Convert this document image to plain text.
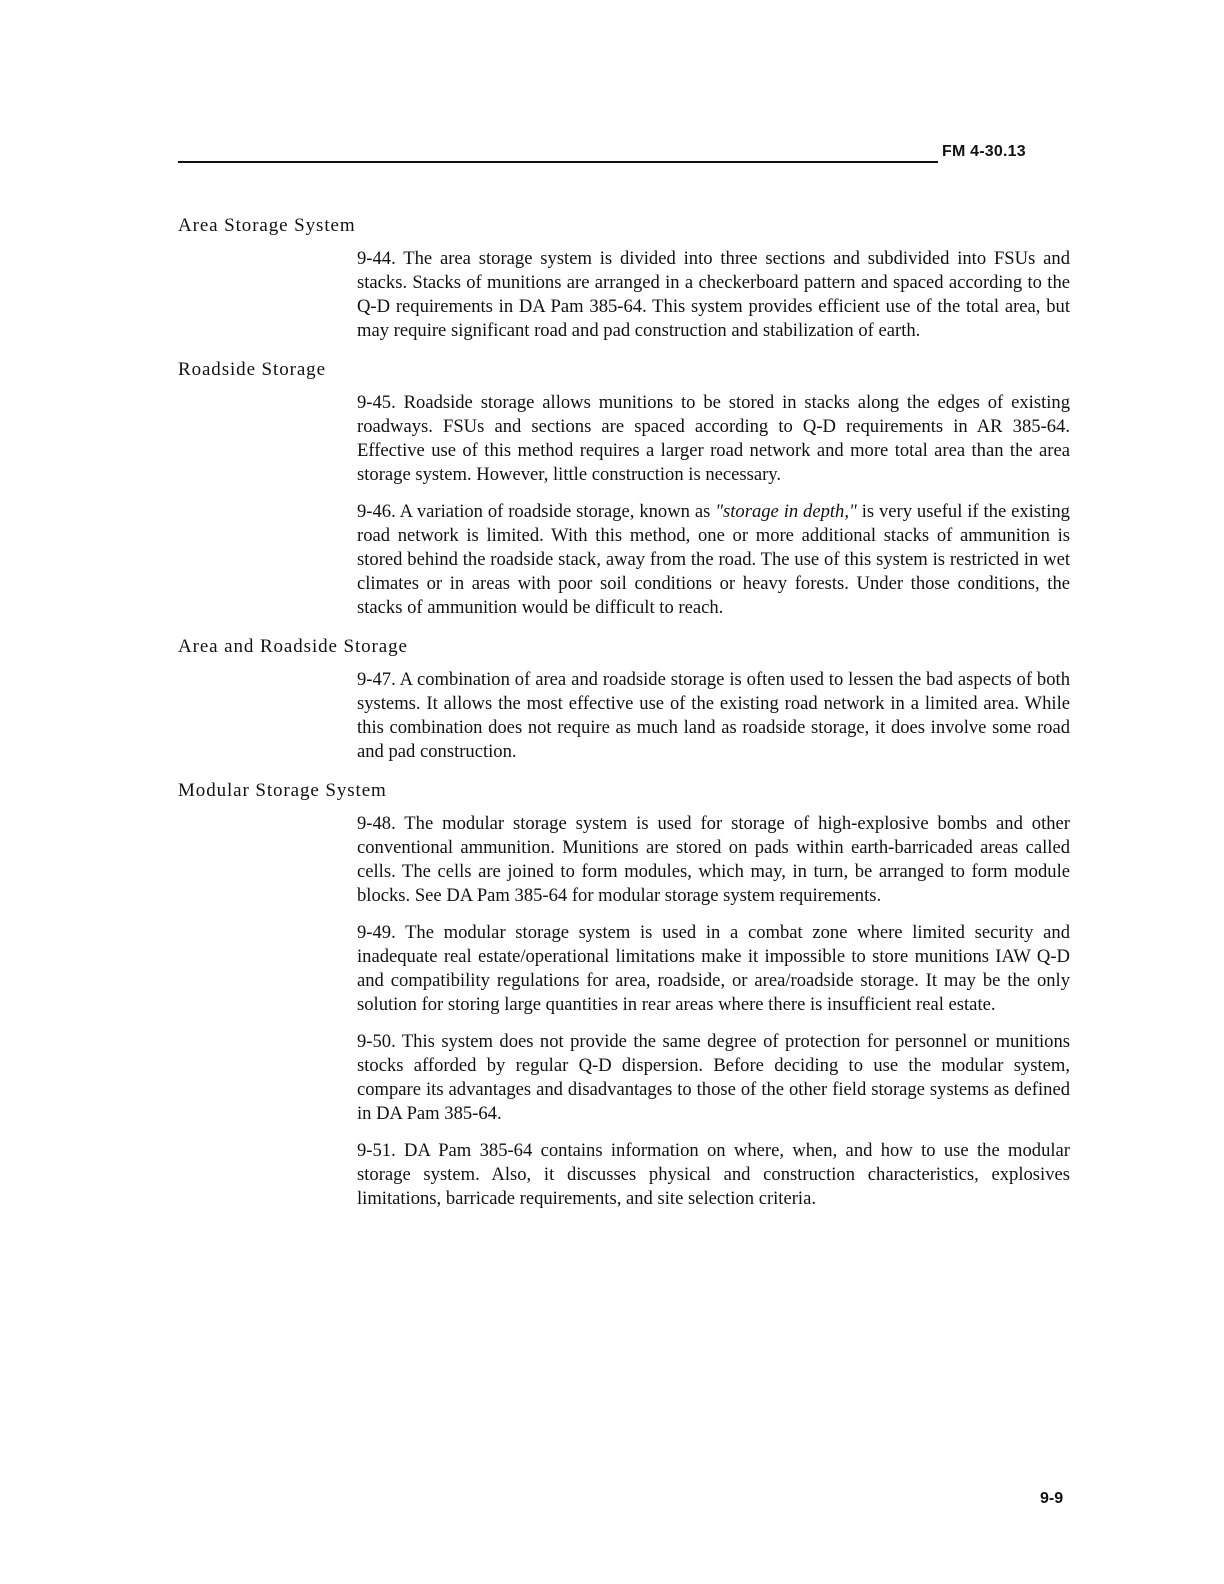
FM 4-30.13
Area Storage System

9-44. The area storage system is divided into three sections and subdivided into FSUs and stacks. Stacks of munitions are arranged in a checkerboard pattern and spaced according to the Q-D requirements in DA Pam 385-64. This system provides efficient use of the total area, but may require significant road and pad construction and stabilization of earth.

Roadside Storage

9-45. Roadside storage allows munitions to be stored in stacks along the edges of existing roadways. FSUs and sections are spaced according to Q-D requirements in AR 385-64. Effective use of this method requires a larger road network and more total area than the area storage system. However, little construction is necessary.

9-46. A variation of roadside storage, known as "storage in depth," is very useful if the existing road network is limited. With this method, one or more additional stacks of ammunition is stored behind the roadside stack, away from the road. The use of this system is restricted in wet climates or in areas with poor soil conditions or heavy forests. Under those conditions, the stacks of ammunition would be difficult to reach.

Area and Roadside Storage

9-47. A combination of area and roadside storage is often used to lessen the bad aspects of both systems. It allows the most effective use of the existing road network in a limited area. While this combination does not require as much land as roadside storage, it does involve some road and pad construction.

Modular Storage System

9-48. The modular storage system is used for storage of high-explosive bombs and other conventional ammunition. Munitions are stored on pads within earth-barricaded areas called cells. The cells are joined to form modules, which may, in turn, be arranged to form module blocks. See DA Pam 385-64 for modular storage system requirements.

9-49. The modular storage system is used in a combat zone where limited security and inadequate real estate/operational limitations make it impossible to store munitions IAW Q-D and compatibility regulations for area, roadside, or area/roadside storage. It may be the only solution for storing large quantities in rear areas where there is insufficient real estate.

9-50. This system does not provide the same degree of protection for personnel or munitions stocks afforded by regular Q-D dispersion. Before deciding to use the modular system, compare its advantages and disadvantages to those of the other field storage systems as defined in DA Pam 385-64.

9-51. DA Pam 385-64 contains information on where, when, and how to use the modular storage system. Also, it discusses physical and construction characteristics, explosives limitations, barricade requirements, and site selection criteria.

9-9
